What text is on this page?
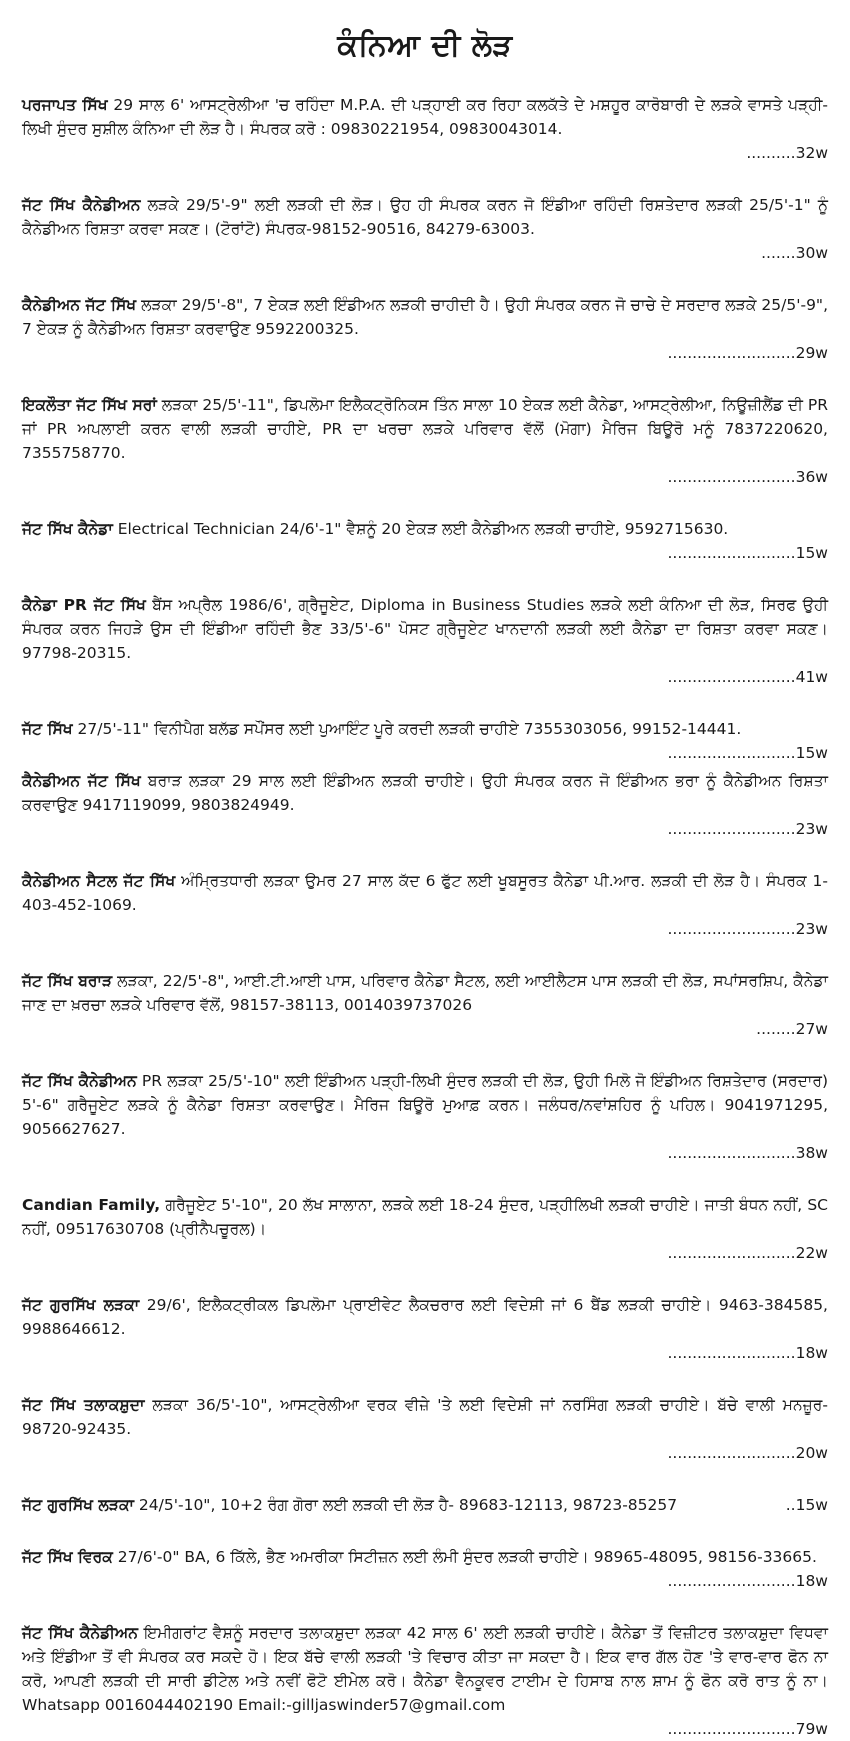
ਕੰਨਿਆ ਦੀ ਲੋੜ
ਪਰਜਾਪਤ ਸਿੱਖ 29 ਸਾਲ 6' ਆਸਟ੍ਰੇਲੀਆ 'ਚ ਰਹਿੰਦਾ M.P.A. ਦੀ ਪੜ੍ਹਾਈ ਕਰ ਰਿਹਾ ਕਲਕੱਤੇ ਦੇ ਮਸ਼ਹੂਰ ਕਾਰੋਬਾਰੀ ਦੇ ਲੜਕੇ ਵਾਸਤੇ ਪੜ੍ਹੀ-ਲਿਖੀ ਸੁੰਦਰ ਸੁਸ਼ੀਲ ਕੰਨਿਆ ਦੀ ਲੋੜ ਹੈ। ਸੰਪਰਕ ਕਰੋ : 09830221954, 09830043014.
..........32w
ਜੱਟ ਸਿੱਖ ਕੈਨੇਡੀਅਨ ਲੜਕੇ 29/5'-9" ਲਈ ਲੜਕੀ ਦੀ ਲੋੜ। ਉਹ ਹੀ ਸੰਪਰਕ ਕਰਨ ਜੋ ਇੰਡੀਆ ਰਹਿੰਦੀ ਰਿਸ਼ਤੇਦਾਰ ਲੜਕੀ 25/5'-1" ਨੂੰ ਕੈਨੇਡੀਅਨ ਰਿਸ਼ਤਾ ਕਰਵਾ ਸਕਣ। (ਟੋਰਾਂਟੋ) ਸੰਪਰਕ-98152-90516, 84279-63003.
.......30w
ਕੈਨੇਡੀਅਨ ਜੱਟ ਸਿੱਖ ਲੜਕਾ 29/5'-8", 7 ਏਕੜ ਲਈ ਇੰਡੀਅਨ ਲੜਕੀ ਚਾਹੀਦੀ ਹੈ। ਉਹੀ ਸੰਪਰਕ ਕਰਨ ਜੋ ਚਾਚੇ ਦੇ ਸਰਦਾਰ ਲੜਕੇ 25/5'-9", 7 ਏਕੜ ਨੂੰ ਕੈਨੇਡੀਅਨ ਰਿਸ਼ਤਾ ਕਰਵਾਉਣ 9592200325.
..........................29w
ਇਕਲੌਤਾ ਜੱਟ ਸਿੱਖ ਸਰਾਂ ਲੜਕਾ 25/5'-11", ਡਿਪਲੋਮਾ ਇਲੈਕਟ੍ਰੋਨਿਕਸ ਤਿੰਨ ਸਾਲਾ 10 ਏਕੜ ਲਈ ਕੈਨੇਡਾ, ਆਸਟ੍ਰੇਲੀਆ, ਨਿਊਜ਼ੀਲੈਂਡ ਦੀ PR ਜਾਂ PR ਅਪਲਾਈ ਕਰਨ ਵਾਲੀ ਲੜਕੀ ਚਾਹੀਏ, PR ਦਾ ਖਰਚਾ ਲੜਕੇ ਪਰਿਵਾਰ ਵੱਲੋਂ (ਮੋਗਾ) ਮੈਰਿਜ ਬਿਊਰੋ ਮਨੂੰ 7837220620, 7355758770.
..........................36w
ਜੱਟ ਸਿੱਖ ਕੈਨੇਡਾ Electrical Technician 24/6'-1" ਵੈਸ਼ਨੂੰ 20 ਏਕੜ ਲਈ ਕੈਨੇਡੀਅਨ ਲੜਕੀ ਚਾਹੀਏ, 9592715630.
..........................15w
ਕੈਨੇਡਾ PR ਜੱਟ ਸਿੱਖ ਬੈਂਸ ਅਪ੍ਰੈਲ 1986/6', ਗ੍ਰੈਜੂਏਟ, Diploma in Business Studies ਲੜਕੇ ਲਈ ਕੰਨਿਆ ਦੀ ਲੋੜ, ਸਿਰਫ ਉਹੀ ਸੰਪਰਕ ਕਰਨ ਜਿਹੜੇ ਉਸ ਦੀ ਇੰਡੀਆ ਰਹਿੰਦੀ ਭੈਣ 33/5'-6" ਪੋਸਟ ਗ੍ਰੈਜੂਏਟ ਖਾਨਦਾਨੀ ਲੜਕੀ ਲਈ ਕੈਨੇਡਾ ਦਾ ਰਿਸ਼ਤਾ ਕਰਵਾ ਸਕਣ। 97798-20315.
..........................41w
ਜੱਟ ਸਿੱਖ 27/5'-11" ਵਿਨੀਪੈਗ ਬਲੱਡ ਸਪੌਂਸਰ ਲਈ ਪੁਆਇੰਟ ਪੂਰੇ ਕਰਦੀ ਲੜਕੀ ਚਾਹੀਏ 7355303056, 99152-14441.
..........................15w
ਕੈਨੇਡੀਅਨ ਜੱਟ ਸਿੱਖ ਬਰਾੜ ਲੜਕਾ 29 ਸਾਲ ਲਈ ਇੰਡੀਅਨ ਲੜਕੀ ਚਾਹੀਏ। ਉਹੀ ਸੰਪਰਕ ਕਰਨ ਜੋ ਇੰਡੀਅਨ ਭਰਾ ਨੂੰ ਕੈਨੇਡੀਅਨ ਰਿਸ਼ਤਾ ਕਰਵਾਉਣ 9417119099, 9803824949.
..........................23w
ਕੈਨੇਡੀਅਨ ਸੈਟਲ ਜੱਟ ਸਿੱਖ ਅੰਮ੍ਰਿਤਧਾਰੀ ਲੜਕਾ ਉਮਰ 27 ਸਾਲ ਕੱਦ 6 ਫੁੱਟ ਲਈ ਖੂਬਸੂਰਤ ਕੈਨੇਡਾ ਪੀ.ਆਰ. ਲੜਕੀ ਦੀ ਲੋੜ ਹੈ। ਸੰਪਰਕ 1-403-452-1069.
..........................23w
ਜੱਟ ਸਿੱਖ ਬਰਾੜ ਲੜਕਾ, 22/5'-8", ਆਈ.ਟੀ.ਆਈ ਪਾਸ, ਪਰਿਵਾਰ ਕੈਨੇਡਾ ਸੈਟਲ, ਲਈ ਆਈਲੈਟਸ ਪਾਸ ਲੜਕੀ ਦੀ ਲੋੜ, ਸਪਾਂਸਰਸ਼ਿਪ, ਕੈਨੇਡਾ ਜਾਣ ਦਾ ਖ਼ਰਚਾ ਲੜਕੇ ਪਰਿਵਾਰ ਵੱਲੋਂ, 98157-38113, 0014039737026
........27w
ਜੱਟ ਸਿੱਖ ਕੈਨੇਡੀਅਨ PR ਲੜਕਾ 25/5'-10" ਲਈ ਇੰਡੀਅਨ ਪੜ੍ਹੀ-ਲਿਖੀ ਸੁੰਦਰ ਲੜਕੀ ਦੀ ਲੋੜ, ਉਹੀ ਮਿਲੋ ਜੋ ਇੰਡੀਅਨ ਰਿਸ਼ਤੇਦਾਰ (ਸਰਦਾਰ) 5'-6" ਗਰੈਜੂਏਟ ਲੜਕੇ ਨੂੰ ਕੈਨੇਡਾ ਰਿਸ਼ਤਾ ਕਰਵਾਉਣ। ਮੈਰਿਜ ਬਿਊਰੋ ਮੁਆਫ਼ ਕਰਨ। ਜਲੰਧਰ/ਨਵਾਂਸ਼ਹਿਰ ਨੂੰ ਪਹਿਲ। 9041971295, 9056627627.
..........................38w
Candian Family, ਗਰੈਜੂਏਟ 5'-10", 20 ਲੱਖ ਸਾਲਾਨਾ, ਲੜਕੇ ਲਈ 18-24 ਸੁੰਦਰ, ਪੜ੍ਹੀਲਿਖੀ ਲੜਕੀ ਚਾਹੀਏ। ਜਾਤੀ ਬੰਧਨ ਨਹੀਂ, SC ਨਹੀਂ, 09517630708 (ਪ੍ਰੀਨੈਪਚੂਰਲ)।
..........................22w
ਜੱਟ ਗੁਰਸਿੱਖ ਲੜਕਾ 29/6', ਇਲੈਕਟ੍ਰੀਕਲ ਡਿਪਲੋਮਾ ਪ੍ਰਾਈਵੇਟ ਲੈਕਚਰਾਰ ਲਈ ਵਿਦੇਸ਼ੀ ਜਾਂ 6 ਬੈਂਡ ਲੜਕੀ ਚਾਹੀਏ। 9463-384585, 9988646612.
..........................18w
ਜੱਟ ਸਿੱਖ ਤਲਾਕਸ਼ੁਦਾ ਲੜਕਾ 36/5'-10", ਆਸਟ੍ਰੇਲੀਆ ਵਰਕ ਵੀਜ਼ੇ 'ਤੇ ਲਈ ਵਿਦੇਸ਼ੀ ਜਾਂ ਨਰਸਿੰਗ ਲੜਕੀ ਚਾਹੀਏ। ਬੱਚੇ ਵਾਲੀ ਮਨਜ਼ੂਰ- 98720-92435.
..........................20w
ਜੱਟ ਗੁਰਸਿੱਖ ਲੜਕਾ 24/5'-10", 10+2 ਰੰਗ ਗੋਰਾ ਲਈ ਲੜਕੀ ਦੀ ਲੋੜ ਹੈ- 89683-12113, 98723-85257	..15w
ਜੱਟ ਸਿੱਖ ਵਿਰਕ 27/6'-0" BA, 6 ਕਿੱਲੇ, ਭੈਣ ਅਮਰੀਕਾ ਸਿਟੀਜ਼ਨ ਲਈ ਲੰਮੀ ਸੁੰਦਰ ਲੜਕੀ ਚਾਹੀਏ। 98965-48095, 98156-33665.
..........................18w
ਜੱਟ ਸਿੱਖ ਕੈਨੇਡੀਅਨ ਇਮੀਗਰਾਂਟ ਵੈਸ਼ਨੂੰ ਸਰਦਾਰ ਤਲਾਕਸ਼ੁਦਾ ਲੜਕਾ 42 ਸਾਲ 6' ਲਈ ਲੜਕੀ ਚਾਹੀਏ। ਕੈਨੇਡਾ ਤੋਂ ਵਿਜ਼ੀਟਰ ਤਲਾਕਸ਼ੁਦਾ ਵਿਧਵਾ ਅਤੇ ਇੰਡੀਆ ਤੋਂ ਵੀ ਸੰਪਰਕ ਕਰ ਸਕਦੇ ਹੋ। ਇਕ ਬੱਚੇ ਵਾਲੀ ਲੜਕੀ 'ਤੇ ਵਿਚਾਰ ਕੀਤਾ ਜਾ ਸਕਦਾ ਹੈ। ਇਕ ਵਾਰ ਗੱਲ ਹੋਣ 'ਤੇ ਵਾਰ-ਵਾਰ ਫੋਨ ਨਾ ਕਰੋ, ਆਪਣੀ ਲੜਕੀ ਦੀ ਸਾਰੀ ਡੀਟੇਲ ਅਤੇ ਨਵੀਂ ਫੋਟੋ ਈਮੇਲ ਕਰੋ। ਕੈਨੇਡਾ ਵੈਨਕੂਵਰ ਟਾਈਮ ਦੇ ਹਿਸਾਬ ਨਾਲ ਸ਼ਾਮ ਨੂੰ ਫੋਨ ਕਰੋ ਰਾਤ ਨੂੰ ਨਾ। Whatsapp 0016044402190 Email:-gilljaswinder57@gmail.com
..........................79w
